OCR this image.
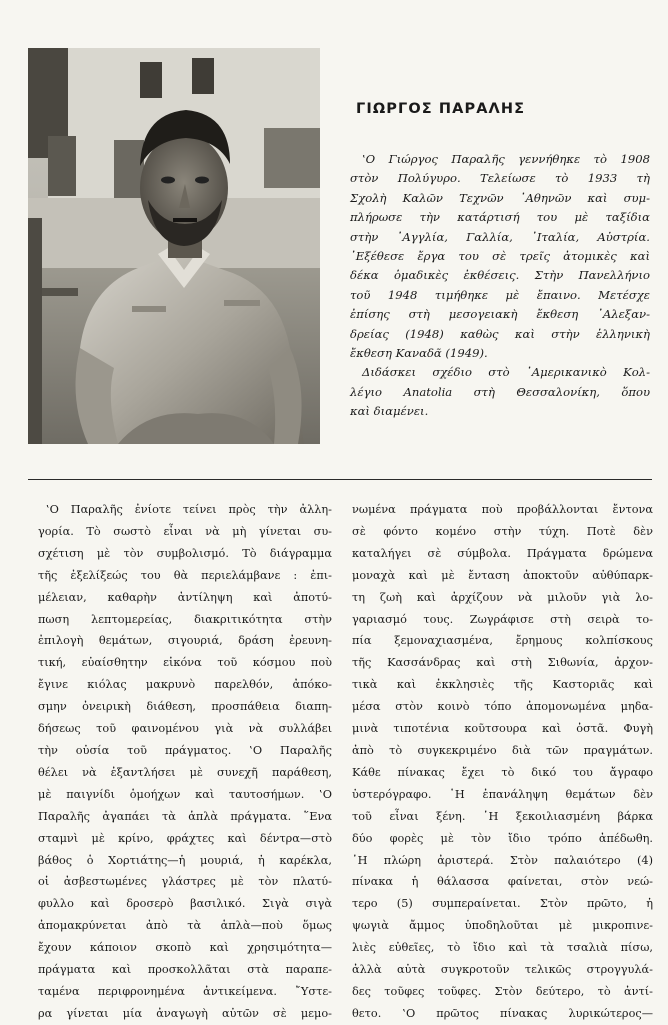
ΓΙΩΡΓΟΣ ΠΑΡΑΛΗΣ
‛Ο Γιώργος Παραλῆς γεννήθηκε τὸ 1908
στὸν Πολύγυρο. Τελείωσε τὸ 1933 τὴ
Σχολὴ Καλῶν Τεχνῶν ᾿Αθηνῶν καὶ συμ-
πλήρωσε τὴν κατάρτισή του μὲ ταξίδια
στὴν ᾿Αγγλία, Γαλλία, ᾿Ιταλία, Αὐστρία.
᾿Εξέθεσε ἔργα του σὲ τρεῖς ἀτομικὲς καὶ
δέκα ὁμαδικὲς ἐκθέσεις. Στὴν Πανελλήνιο
τοῦ 1948 τιμήθηκε μὲ ἔπαινο. Μετέσχε
ἐπίσης στὴ μεσογειακὴ ἔκθεση ᾿Αλεξαν-
δρείας (1948) καθὼς καὶ στὴν ἑλληνικὴ
ἔκθεση Καναδᾶ (1949).
Διδάσκει σχέδιο στὸ ᾿Αμερικανικὸ Κολ-
λέγιο Anatolia στὴ Θεσσαλονίκη, ὅπου
καὶ διαμένει.
‛Ο Παραλῆς ἐνίοτε τείνει πρὸς τὴν ἀλλη-
γορία. Τὸ σωστὸ εἶναι νὰ μὴ γίνεται συ-
σχέτιση μὲ τὸν συμβολισμό. Τὸ διάγραμμα
τῆς ἐξελίξεώς του θὰ περιελάμβανε : ἐπι-
μέλειαν, καθαρὴν ἀντίληψη καὶ ἀποτύ-
πωση λεπτομερείας, διακριτικότητα στὴν
ἐπιλογὴ θεμάτων, σιγουριά, δράση ἐρευνη-
τική, εὐαίσθητην εἰκόνα τοῦ κόσμου ποὺ
ἔγινε κιόλας μακρυνὸ παρελθόν, ἀπόκο-
σμην ὀνειρικὴ διάθεση, προσπάθεια διαπη-
δήσεως τοῦ φαινομένου γιὰ νὰ συλλάβει
τὴν οὐσία τοῦ πράγματος. ‛Ο Παραλῆς
θέλει νὰ ἐξαντλήσει μὲ συνεχῆ παράθεση,
μὲ παιγνίδι ὁμοήχων καὶ ταυτοσήμων. ‛Ο
Παραλῆς ἀγαπάει τὰ ἁπλὰ πράγματα. ῞Ενα
σταμνὶ μὲ κρίνο, φράχτες καὶ δέντρα—στὸ
βάθος ὁ Χορτιάτης—ἡ μουριά, ἡ καρέκλα,
οἱ ἀσβεστωμένες γλάστρες μὲ τὸν πλατύ-
φυλλο καὶ δροσερὸ βασιλικό. Σιγὰ σιγὰ
ἀπομακρύνεται ἀπὸ τὰ ἁπλὰ—ποὺ ὅμως
ἔχουν κάποιον σκοπὸ καὶ χρησιμότητα—
πράγματα καὶ προσκολλᾶται στὰ παραπε-
ταμένα περιφρονημένα ἀντικείμενα. ῎Υστε-
ρα γίνεται μία ἀναγωγὴ αὐτῶν σὲ μεμο-
νωμένα πράγματα ποὺ προβάλλονται ἔντονα
σὲ φόντο κομένο στὴν τύχη. Ποτὲ δὲν
καταλήγει σὲ σύμβολα. Πράγματα δρώμενα
μοναχὰ καὶ μὲ ἔνταση ἀποκτοῦν αὐθύπαρκ-
τη ζωὴ καὶ ἀρχίζουν νὰ μιλοῦν γιὰ λο-
γαριασμό τους. Ζωγράφισε στὴ σειρὰ το-
πία ξεμοναχιασμένα, ἔρημους κολπίσκους
τῆς Κασσάνδρας καὶ στὴ Σιθωνία, ἀρχον-
τικὰ καὶ ἐκκλησιὲς τῆς Καστοριᾶς καὶ
μέσα στὸν κοινὸ τόπο ἀπομονωμένα μηδα-
μινὰ τιποτένια κοῦτσουρα καὶ ὀστᾶ. Φυγὴ
ἀπὸ τὸ συγκεκριμένο διὰ τῶν πραγμάτων.
Κάθε πίνακας ἔχει τὸ δικό του ἄγραφο
ὑστερόγραφο. ῾Η ἐπανάληψη θεμάτων δὲν
τοῦ εἶναι ξένη. ῾Η ξεκοιλιασμένη βάρκα
δύο φορὲς μὲ τὸν ἴδιο τρόπο ἀπέδωθη.
῾Η πλώρη ἀριστερά. Στὸν παλαιότερο (4)
πίνακα ἡ θάλασσα φαίνεται, στὸν νεώ-
τερο (5) συμπεραίνεται. Στὸν πρῶτο, ἡ
ψωγιὰ ἄμμος ὑποδηλοῦται μὲ μικροπινε-
λιὲς εὐθεῖες, τὸ ἴδιο καὶ τὰ τσαλιὰ πίσω,
ἀλλὰ αὐτὰ συγκροτοῦν τελικῶς στρογγυλά-
δες τοῦφες τοῦφες. Στὸν δεύτερο, τὸ ἀντί-
θετο. ‛Ο πρῶτος πίνακας λυρικώτερος—
